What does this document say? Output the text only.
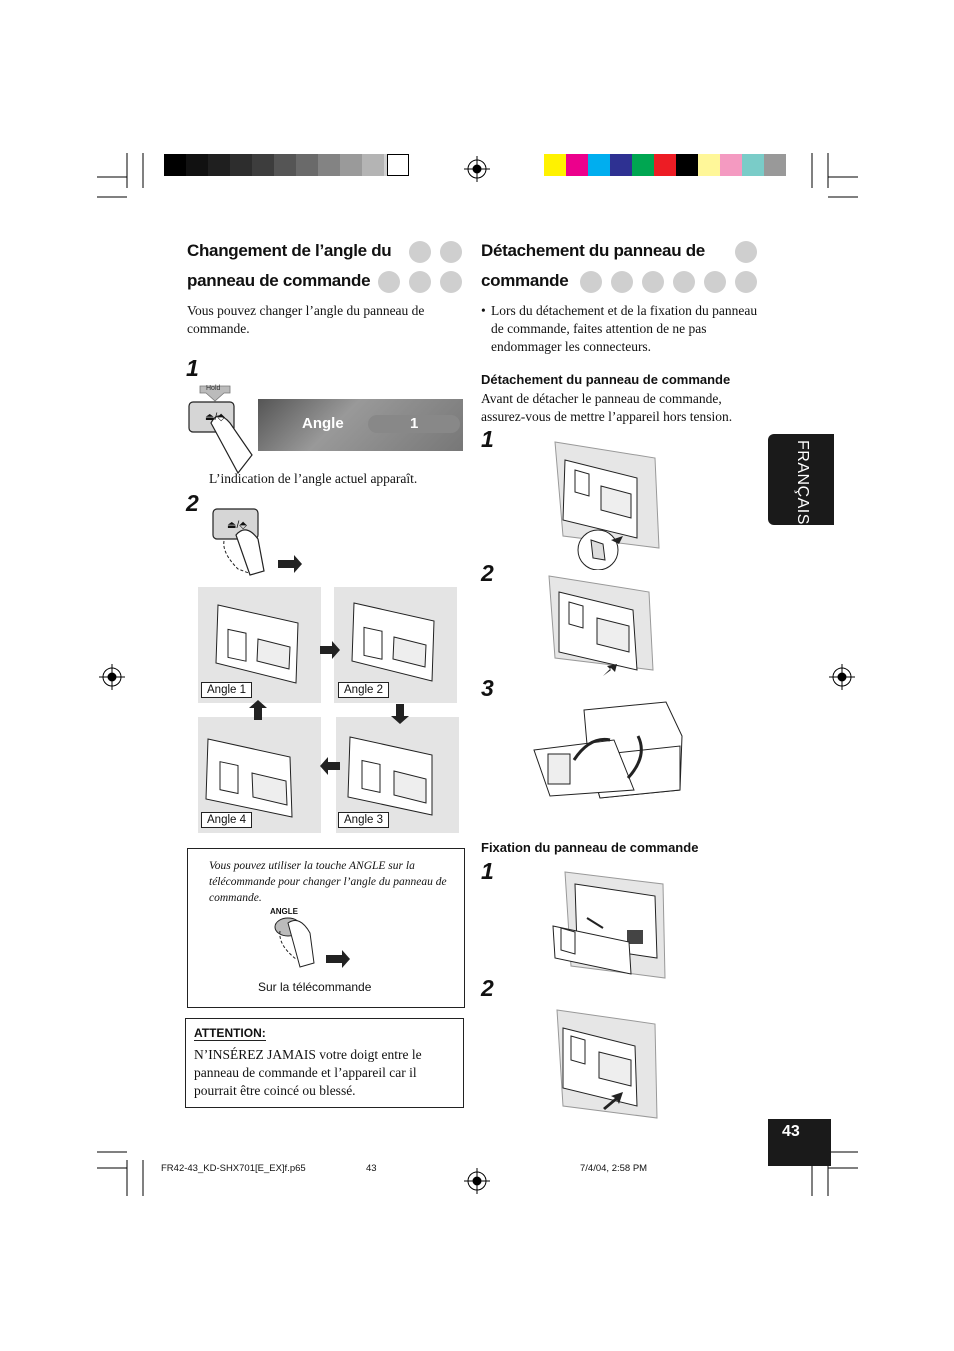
Changement de l’angle du
panneau de commande
Vous pouvez changer l’angle du panneau de commande.
1
Hold
⏏/⬘	Angle	1
L’indication de l’angle actuel apparaît.
2
⏏/⬘
Angle 1	Angle 2
Angle 4	Angle 3
Vous pouvez utiliser la touche ANGLE sur la télécommande pour changer l’angle du panneau de commande.
ANGLE
Sur la télécommande
ATTENTION:
N’INSÉREZ JAMAIS votre doigt entre le panneau de commande et l’appareil car il pourrait être coincé ou blessé.
Détachement du panneau de
commande
• Lors du détachement et de la fixation du panneau de commande, faites attention de ne pas endommager les connecteurs.
Détachement du panneau de commande
Avant de détacher le panneau de commande, assurez-vous de mettre l’appareil hors tension.
1
2
3
Fixation du panneau de commande
1
2
FRANÇAIS
43
FR42-43_KD-SHX701[E_EX]f.p65	43	7/4/04, 2:58 PM
